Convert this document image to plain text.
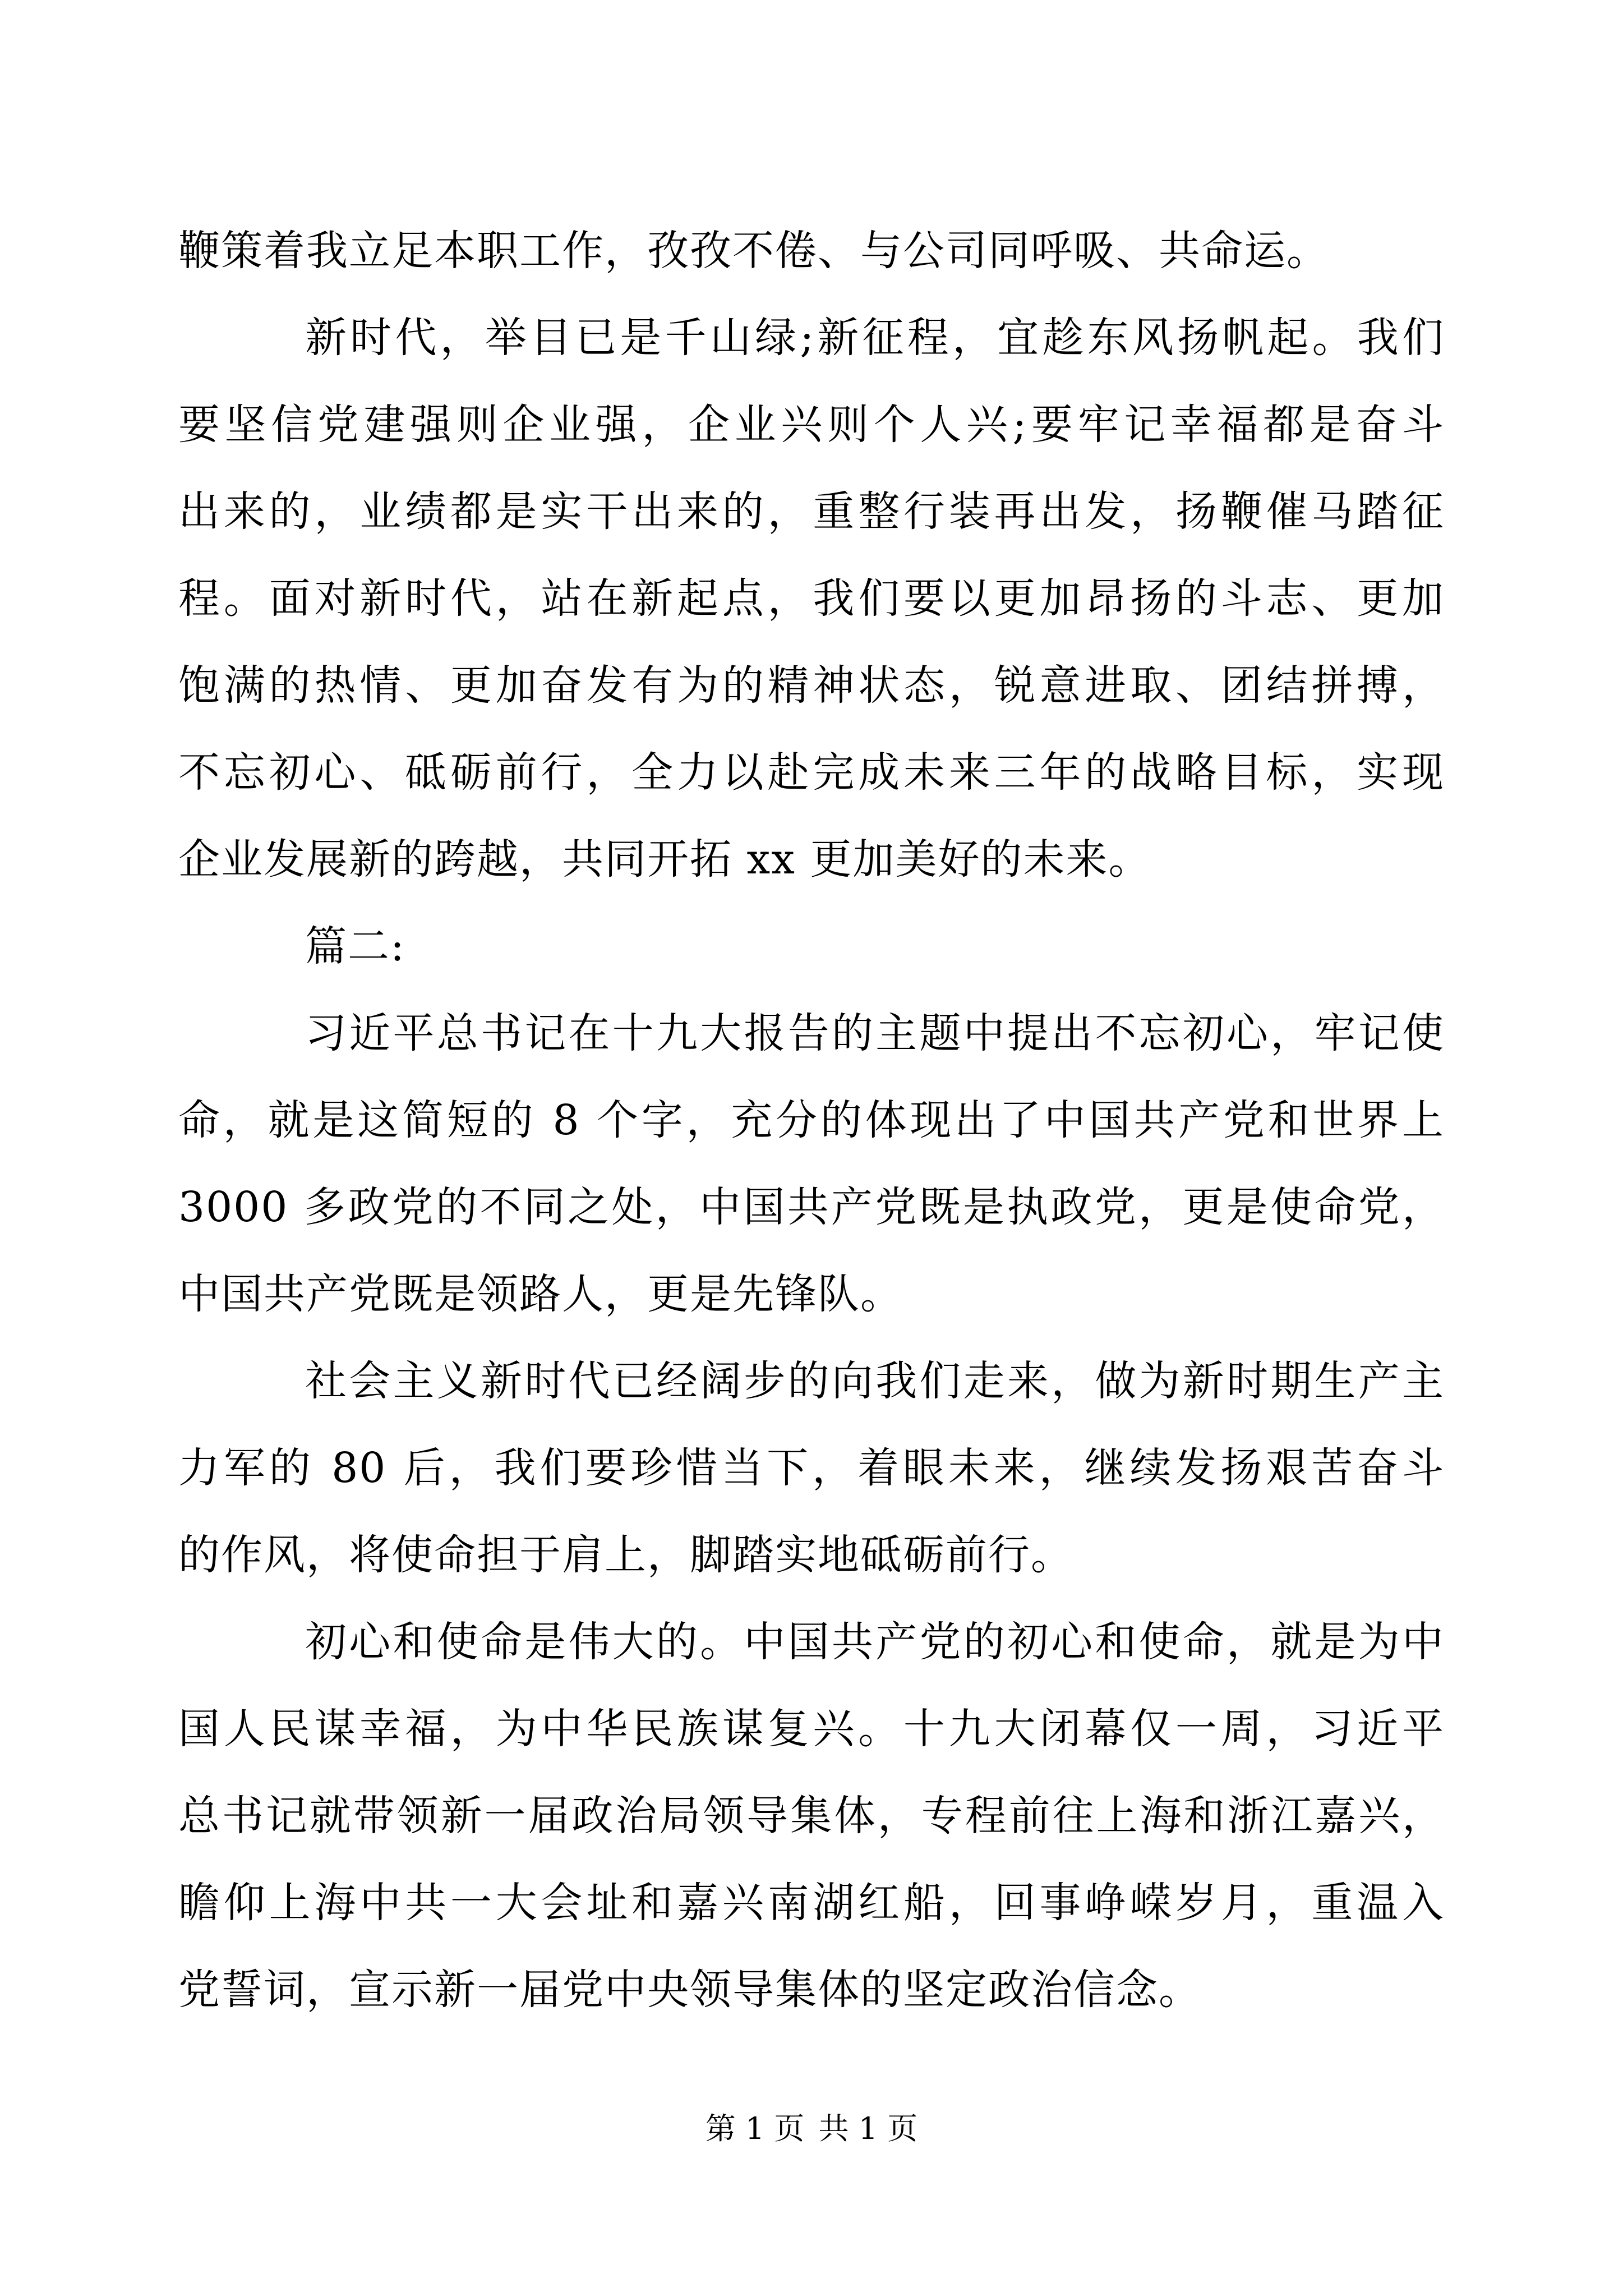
鞭策着我立足本职工作，孜孜不倦、与公司同呼吸、共命运。
新时代，举目已是千山绿;新征程，宜趁东风扬帆起。我们
要坚信党建强则企业强，企业兴则个人兴;要牢记幸福都是奋斗
出来的，业绩都是实干出来的，重整行装再出发，扬鞭催马踏征
程。面对新时代，站在新起点，我们要以更加昂扬的斗志、更加
饱满的热情、更加奋发有为的精神状态，锐意进取、团结拼搏，
不忘初心、砥砺前行，全力以赴完成未来三年的战略目标，实现
企业发展新的跨越，共同开拓 xx 更加美好的未来。
篇二:
习近平总书记在十九大报告的主题中提出不忘初心，牢记使
命，就是这简短的 8 个字，充分的体现出了中国共产党和世界上
3000 多政党的不同之处，中国共产党既是执政党，更是使命党，
中国共产党既是领路人，更是先锋队。
社会主义新时代已经阔步的向我们走来，做为新时期生产主
力军的 80 后，我们要珍惜当下，着眼未来，继续发扬艰苦奋斗
的作风，将使命担于肩上，脚踏实地砥砺前行。
初心和使命是伟大的。中国共产党的初心和使命，就是为中
国人民谋幸福，为中华民族谋复兴。十九大闭幕仅一周，习近平
总书记就带领新一届政治局领导集体，专程前往上海和浙江嘉兴，
瞻仰上海中共一大会址和嘉兴南湖红船，回事峥嵘岁月，重温入
党誓词，宣示新一届党中央领导集体的坚定政治信念。
第 1 页 共 1 页
